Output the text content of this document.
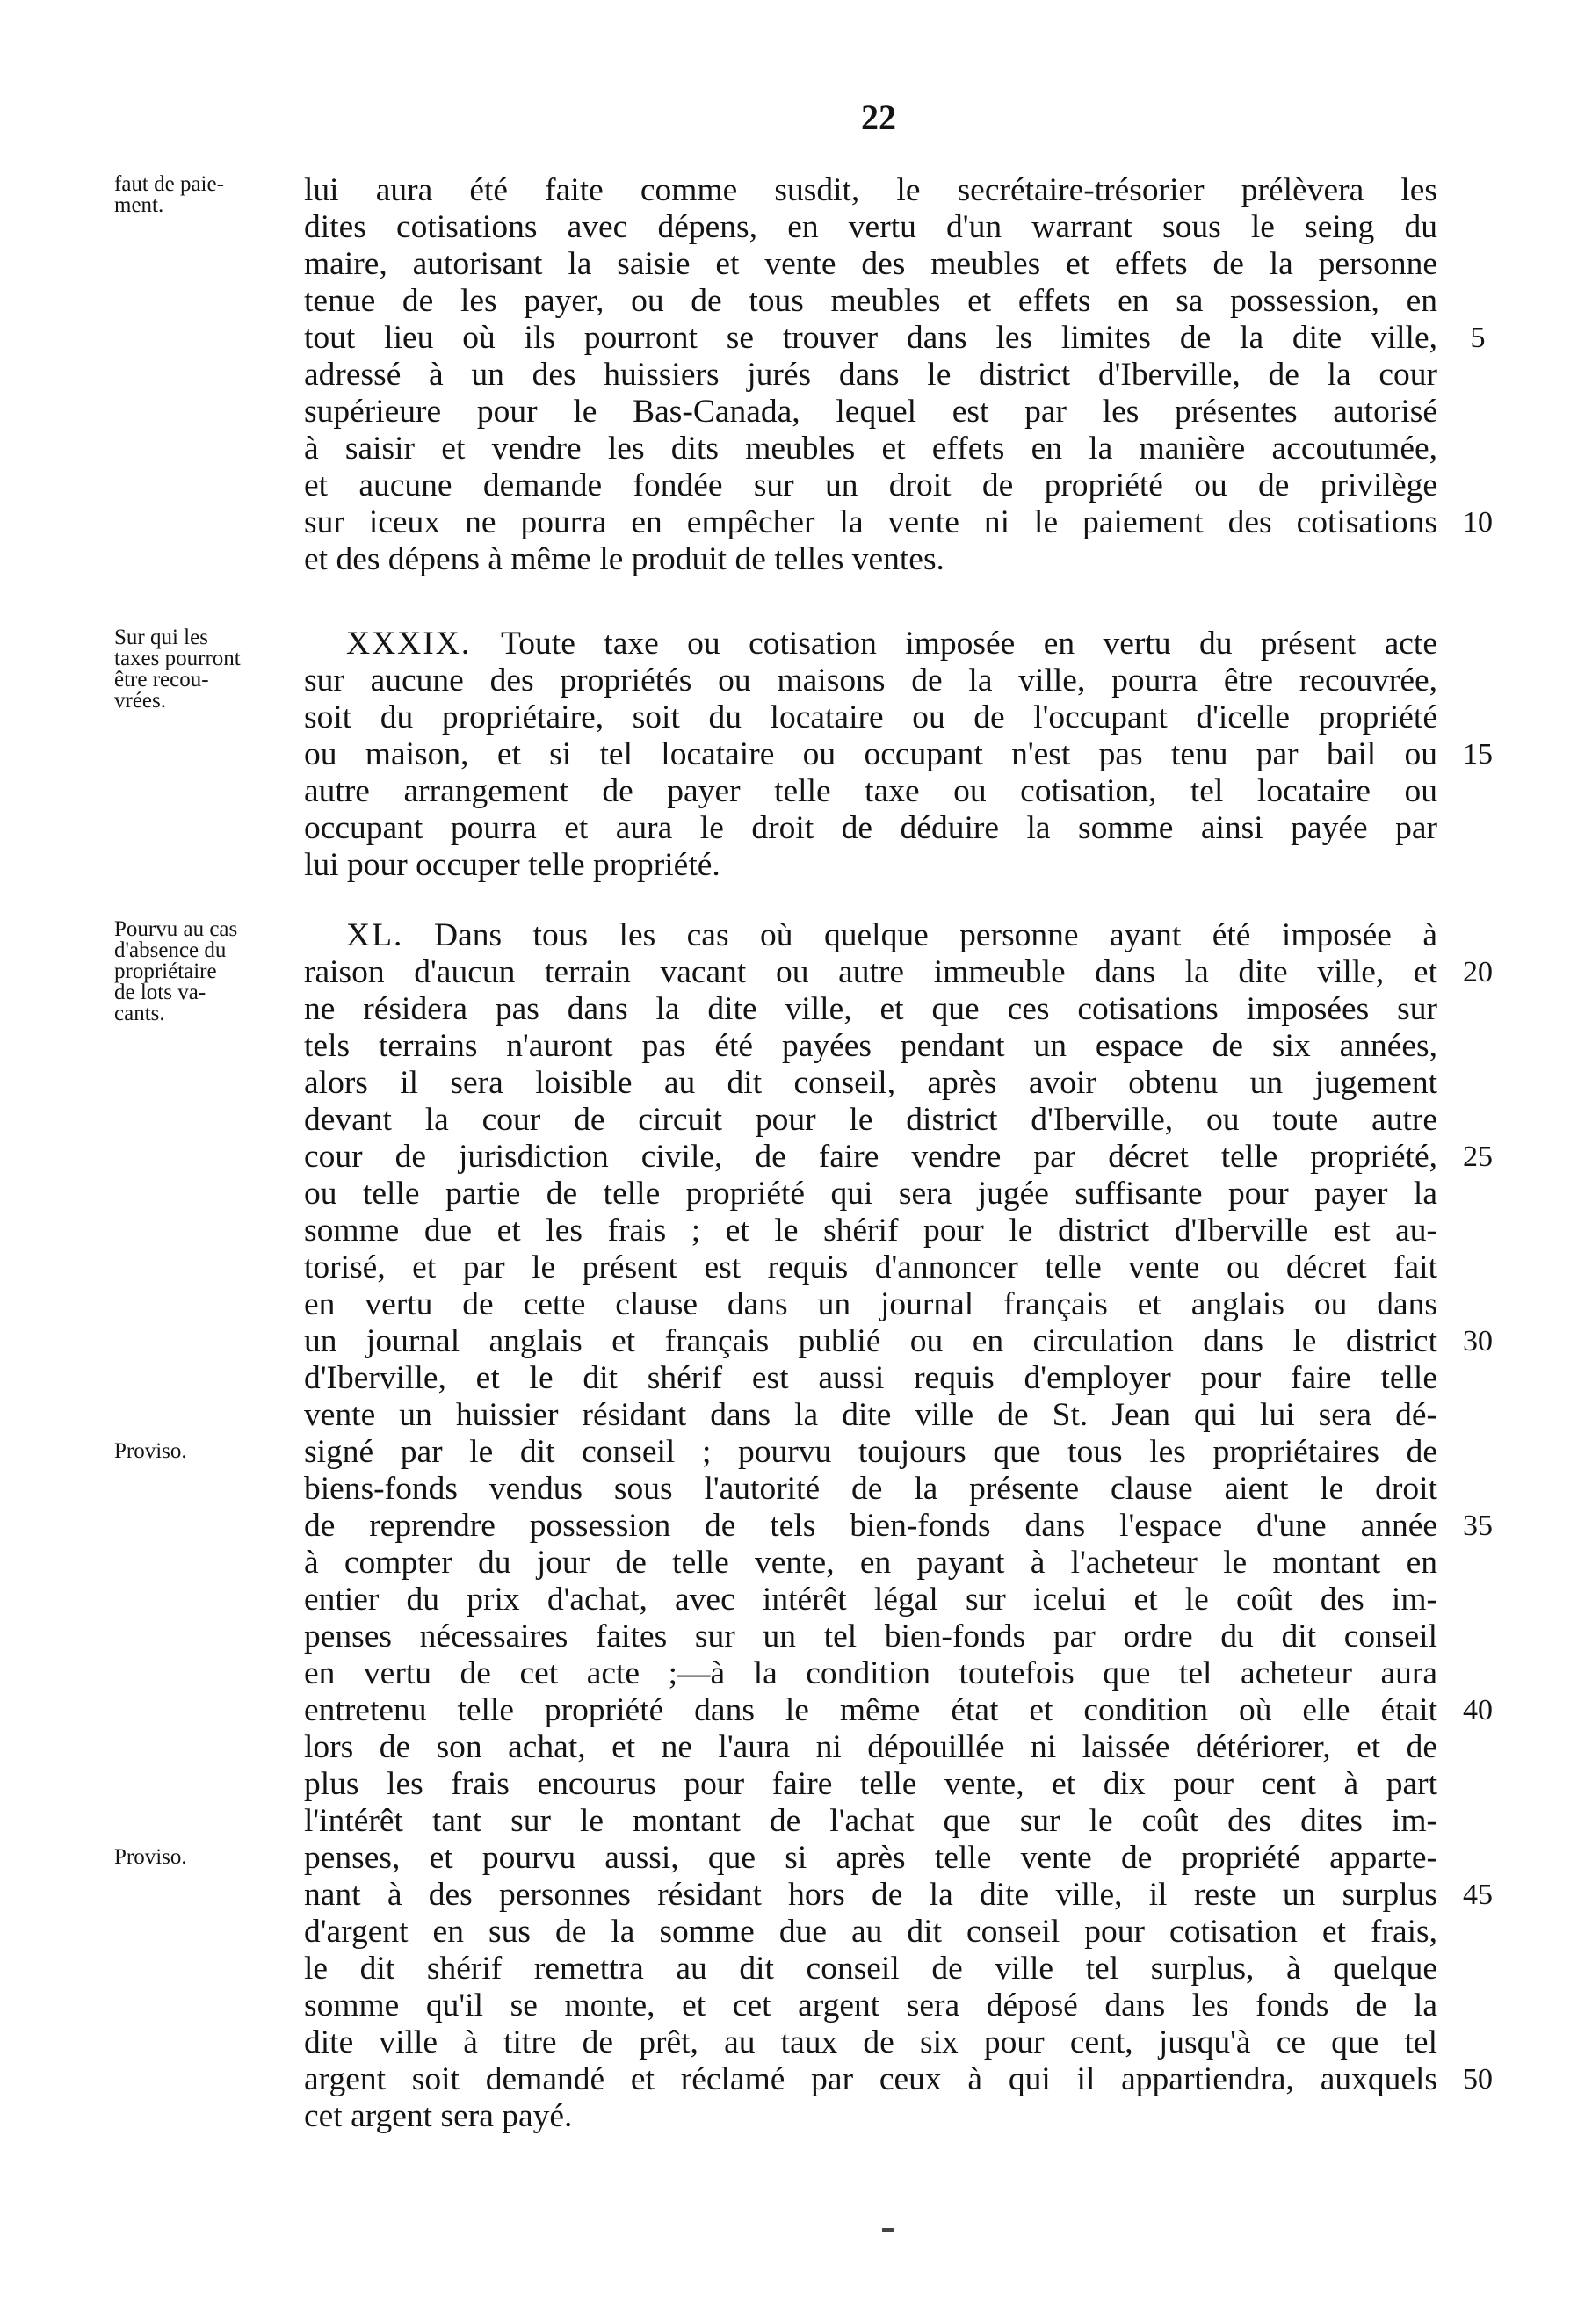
22
lui aura été faite comme susdit, le secrétaire-trésorier prélèvera les
dites cotisations avec dépens, en vertu d'un warrant sous le seing du
maire, autorisant la saisie et vente des meubles et effets de la personne
tenue de les payer, ou de tous meubles et effets en sa possession, en
tout lieu où ils pourront se trouver dans les limites de la dite ville,
adressé à un des huissiers jurés dans le district d'Iberville, de la cour
supérieure pour le Bas-Canada, lequel est par les présentes autorisé
à saisir et vendre les dits meubles et effets en la manière accoutumée,
et aucune demande fondée sur un droit de propriété ou de privilège
sur iceux ne pourra en empêcher la vente ni le paiement des cotisations
et des dépens à même le produit de telles ventes.
XXXIX. Toute taxe ou cotisation imposée en vertu du présent acte
sur aucune des propriétés ou maisons de la ville, pourra être recouvrée,
soit du propriétaire, soit du locataire ou de l'occupant d'icelle propriété
ou maison, et si tel locataire ou occupant n'est pas tenu par bail ou
autre arrangement de payer telle taxe ou cotisation, tel locataire ou
occupant pourra et aura le droit de déduire la somme ainsi payée par
lui pour occuper telle propriété.
XL. Dans tous les cas où quelque personne ayant été imposée à
raison d'aucun terrain vacant ou autre immeuble dans la dite ville, et
ne résidera pas dans la dite ville, et que ces cotisations imposées sur
tels terrains n'auront pas été payées pendant un espace de six années,
alors il sera loisible au dit conseil, après avoir obtenu un jugement
devant la cour de circuit pour le district d'Iberville, ou toute autre
cour de jurisdiction civile, de faire vendre par décret telle propriété,
ou telle partie de telle propriété qui sera jugée suffisante pour payer la
somme due et les frais ; et le shérif pour le district d'Iberville est au-
torisé, et par le présent est requis d'annoncer telle vente ou décret fait
en vertu de cette clause dans un journal français et anglais ou dans
un journal anglais et français publié ou en circulation dans le district
d'Iberville, et le dit shérif est aussi requis d'employer pour faire telle
vente un huissier résidant dans la dite ville de St. Jean qui lui sera dé-
signé par le dit conseil ; pourvu toujours que tous les propriétaires de
biens-fonds vendus sous l'autorité de la présente clause aient le droit
de reprendre possession de tels bien-fonds dans l'espace d'une année
à compter du jour de telle vente, en payant à l'acheteur le montant en
entier du prix d'achat, avec intérêt légal sur icelui et le coût des im-
penses nécessaires faites sur un tel bien-fonds par ordre du dit conseil
en vertu de cet acte ;—à la condition toutefois que tel acheteur aura
entretenu telle propriété dans le même état et condition où elle était
lors de son achat, et ne l'aura ni dépouillée ni laissée détériorer, et de
plus les frais encourus pour faire telle vente, et dix pour cent à part
l'intérêt tant sur le montant de l'achat que sur le coût des dites im-
penses, et pourvu aussi, que si après telle vente de propriété apparte-
nant à des personnes résidant hors de la dite ville, il reste un surplus
d'argent en sus de la somme due au dit conseil pour cotisation et frais,
le dit shérif remettra au dit conseil de ville tel surplus, à quelque
somme qu'il se monte, et cet argent sera déposé dans les fonds de la
dite ville à titre de prêt, au taux de six pour cent, jusqu'à ce que tel
argent soit demandé et réclamé par ceux à qui il appartiendra, auxquels
cet argent sera payé.
5
10
15
20
25
30
35
40
45
50
faut de paie-
ment.
Sur qui les
taxes pourront
être recou-
vrées.
Pourvu au cas
d'absence du
propriétaire
de lots va-
cants.
Proviso.
Proviso.
